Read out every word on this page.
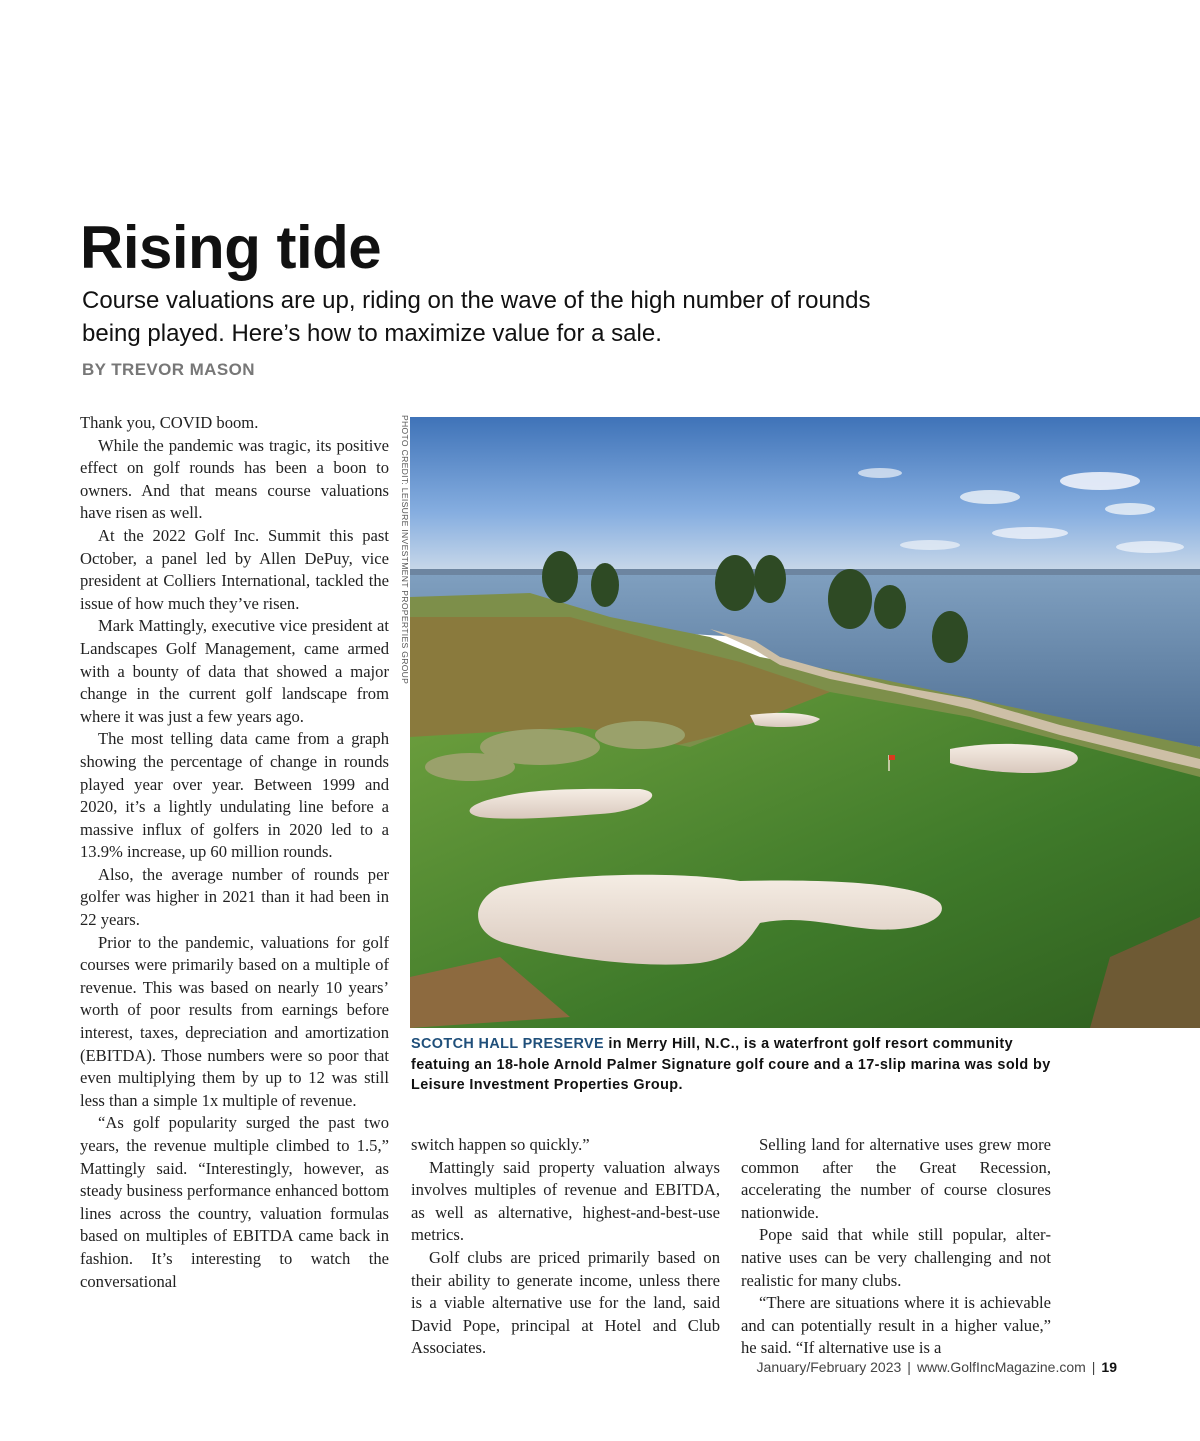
Rising tide

Course valuations are up, riding on the wave of the high number of rounds being played. Here’s how to maximize value for a sale.

BY TREVOR MASON

Thank you, COVID boom.

While the pandemic was tragic, its positive effect on golf rounds has been a boon to owners. And that means course valuations have risen as well.

At the 2022 Golf Inc. Summit this past October, a panel led by Allen DePuy, vice president at Colliers International, tackled the issue of how much they’ve risen.

Mark Mattingly, executive vice president at Landscapes Golf Management, came armed with a bounty of data that showed a major change in the current golf landscape from where it was just a few years ago.

The most telling data came from a graph showing the percentage of change in rounds played year over year. Between 1999 and 2020, it’s a lightly undulating line before a massive influx of golfers in 2020 led to a 13.9% increase, up 60 million rounds.

Also, the average number of rounds per golfer was higher in 2021 than it had been in 22 years.

Prior to the pandemic, valuations for golf courses were primarily based on a multiple of revenue. This was based on nearly 10 years’ worth of poor results from earnings before interest, taxes, depreciation and amortization (EBITDA). Those numbers were so poor that even multiplying them by up to 12 was still less than a simple 1x multiple of revenue.

“As golf popularity surged the past two years, the revenue multiple climbed to 1.5,” Mattingly said. “Interestingly, however, as steady business performance enhanced bottom lines across the country, valuation formulas based on multiples of EBITDA came back in fashion. It’s interesting to watch the conversational

PHOTO CREDIT: LEISURE INVESTMENT PROPERTIES GROUP

SCOTCH HALL PRESERVE in Merry Hill, N.C., is a waterfront golf resort community featuing an 18-hole Arnold Palmer Signature golf coure and a 17-slip marina was sold by Leisure Investment Properties Group.

switch happen so quickly.”

Mattingly said property valuation always involves multiples of revenue and EBITDA, as well as alternative, highest-and-best-use metrics.

Golf clubs are priced primarily based on their ability to generate income, unless there is a viable alternative use for the land, said David Pope, principal at Hotel and Club Associates.

Selling land for alternative uses grew more common after the Great Recession, accelerating the number of course closures nationwide.

Pope said that while still popular, alternative uses can be very challenging and not realistic for many clubs.

“There are situations where it is achievable and can potentially result in a higher value,” he said. “If alternative use is a

January/February 2023 | www.GolfIncMagazine.com | 19
